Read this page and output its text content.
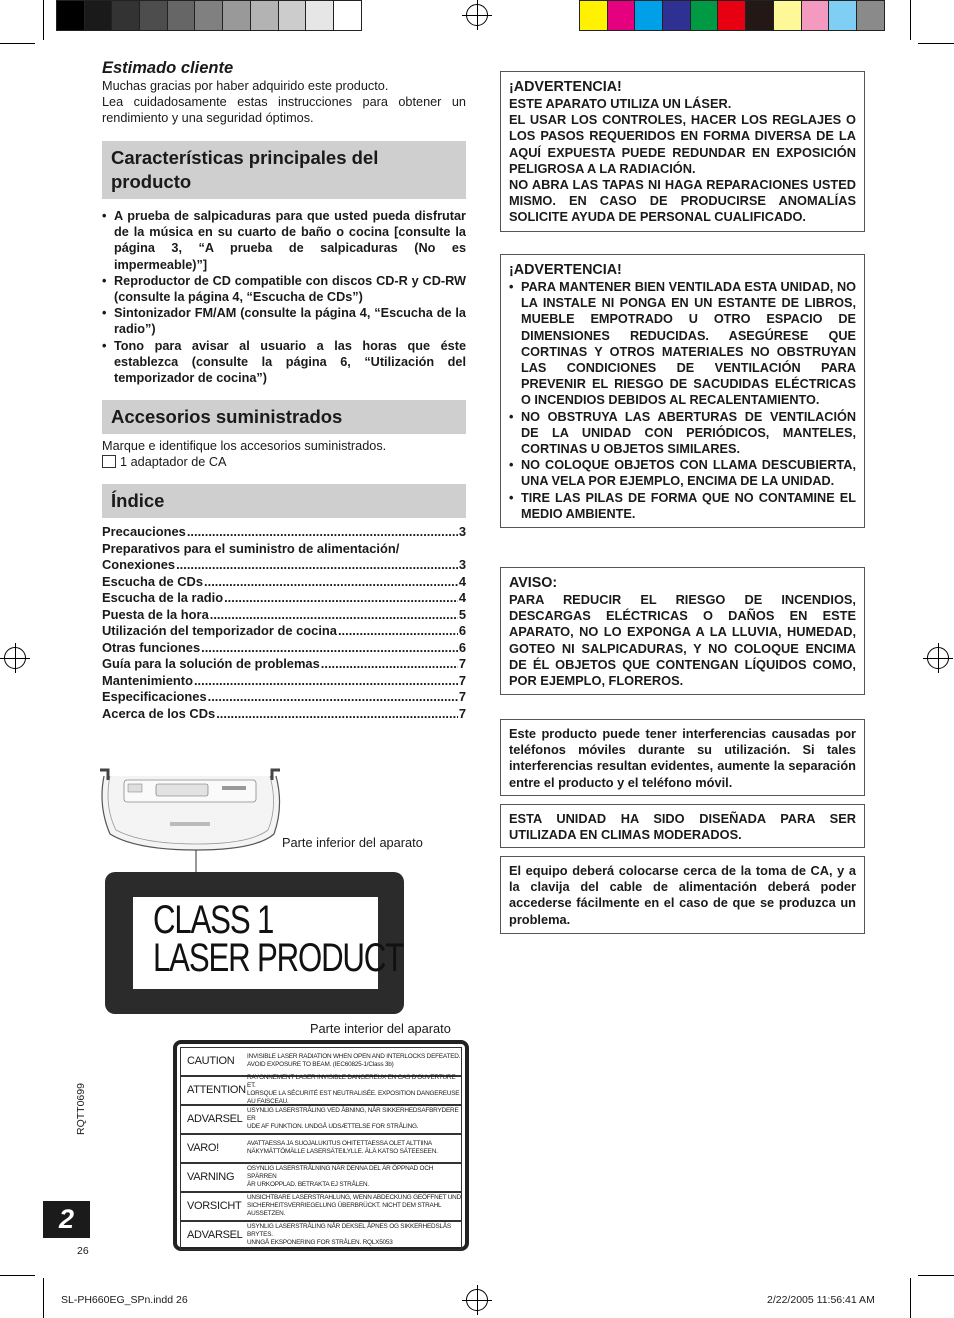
Estimado cliente
Muchas gracias por haber adquirido este producto.
Lea cuidadosamente estas instrucciones para obtener un rendimiento y una seguridad óptimos.
Características principales del producto
• A prueba de salpicaduras para que usted pueda disfrutar de la música en su cuarto de baño o cocina [consulte la página 3, “A prueba de salpicaduras (No es impermeable)”]
• Reproductor de CD compatible con discos CD-R y CD-RW (consulte la página 4, “Escucha de CDs”)
• Sintonizador FM/AM (consulte la página 4, “Escucha de la radio”)
• Tono para avisar al usuario a las horas que éste establezca (consulte la página 6, “Utilización del temporizador de cocina”)
Accesorios suministrados
Marque e identifique los accesorios suministrados.
1 adaptador de CA
Índice
Precauciones .....	3
Preparativos para el suministro de alimentación/
Conexiones .....	3
Escucha de CDs .....	4
Escucha de la radio .....	4
Puesta de la hora .....	5
Utilización del temporizador de cocina .....	6
Otras funciones .....	6
Guía para la solución de problemas .....	7
Mantenimiento .....	7
Especificaciones .....	7
Acerca de los CDs .....	7
¡ADVERTENCIA!
ESTE APARATO UTILIZA UN LÁSER.
EL USAR LOS CONTROLES, HACER LOS REGLAJES O LOS PASOS REQUERIDOS EN FORMA DIVERSA DE LA AQUÍ EXPUESTA PUEDE REDUNDAR EN EXPOSICIÓN PELIGROSA A LA RADIACIÓN.
NO ABRA LAS TAPAS NI HAGA REPARACIONES USTED MISMO. EN CASO DE PRODUCIRSE ANOMALÍAS SOLICITE AYUDA DE PERSONAL CUALIFICADO.
¡ADVERTENCIA!
• PARA MANTENER BIEN VENTILADA ESTA UNIDAD, NO LA INSTALE NI PONGA EN UN ESTANTE DE LIBROS, MUEBLE EMPOTRADO U OTRO ESPACIO DE DIMENSIONES REDUCIDAS. ASEGÚRESE QUE CORTINAS Y OTROS MATERIALES NO OBSTRUYAN LAS CONDICIONES DE VENTILACIÓN PARA PREVENIR EL RIESGO DE SACUDIDAS ELÉCTRICAS O INCENDIOS DEBIDOS AL RECALENTAMIENTO.
• NO OBSTRUYA LAS ABERTURAS DE VENTILACIÓN DE LA UNIDAD CON PERIÓDICOS, MANTELES, CORTINAS U OBJETOS SIMILARES.
• NO COLOQUE OBJETOS CON LLAMA DESCUBIERTA, UNA VELA POR EJEMPLO, ENCIMA DE LA UNIDAD.
• TIRE LAS PILAS DE FORMA QUE NO CONTAMINE EL MEDIO AMBIENTE.
AVISO:
PARA REDUCIR EL RIESGO DE INCENDIOS, DESCARGAS ELÉCTRICAS O DAÑOS EN ESTE APARATO, NO LO EXPONGA A LA LLUVIA, HUMEDAD, GOTEO NI SALPICADURAS, Y NO COLOQUE ENCIMA DE ÉL OBJETOS QUE CONTENGAN LÍQUIDOS COMO, POR EJEMPLO, FLOREROS.
Este producto puede tener interferencias causadas por teléfonos móviles durante su utilización. Si tales interferencias resultan evidentes, aumente la separación entre el producto y el teléfono móvil.
ESTA UNIDAD HA SIDO DISEÑADA PARA SER UTILIZADA EN CLIMAS MODERADOS.
El equipo deberá colocarse cerca de la toma de CA, y a la clavija del cable de alimentación deberá poder accederse fácilmente en el caso de que se produzca un problema.
Parte inferior del aparato
CLASS 1
LASER PRODUCT
Parte interior del aparato
CAUTION	INVISIBLE LASER RADIATION WHEN OPEN AND INTERLOCKS DEFEATED.
AVOID EXPOSURE TO BEAM. (IEC60825-1/Class 3b)
ATTENTION
RAYONNEMENT LASER INVISIBLE DANGEREUX EN CAS D'OUVERTURE ET.
LORSQUE LA SÉCURITÉ EST NEUTRALISÉE. EXPOSITION DANGEREUSE AU FAISCEAU.
ADVARSEL
USYNLIG LASERSTRÅLING VED ÅBNING, NÅR SIKKERHEDSAFBRYDERE ER
UDE AF FUNKTION. UNDGÅ UDSÆTTELSE FOR STRÅLING.
VARO!	AVATTAESSA JA SUOJALUKITUS OHITETTAESSA OLET ALTTIINA
NÄKYMÄTTÖMÄLLE LASERSÄTEILYLLE. ÄLÄ KATSO SÄTEESEEN.
VARNING
OSYNLIG LASERSTRÅLNING NÄR DENNA DEL ÄR ÖPPNAD OCH SPÄRREN
ÄR URKOPPLAD. BETRAKTA EJ STRÅLEN.
VORSICHT
UNSICHTBARE LASERSTRAHLUNG, WENN ABDECKUNG GEÖFFNET UND
SICHERHEITSVERRIEGELUNG ÜBERBRÜCKT. NICHT DEM STRAHL AUSSETZEN.
ADVARSEL
USYNLIG LASERSTRÅLING NÅR DEKSEL ÅPNES OG SIKKERHEDSLÅS BRYTES.
UNNGÅ EKSPONERING FOR STRÅLEN. RQLX5053
RQTT0699
2
26
SL-PH660EG_SPn.indd 26	2/22/2005 11:56:41 AM
